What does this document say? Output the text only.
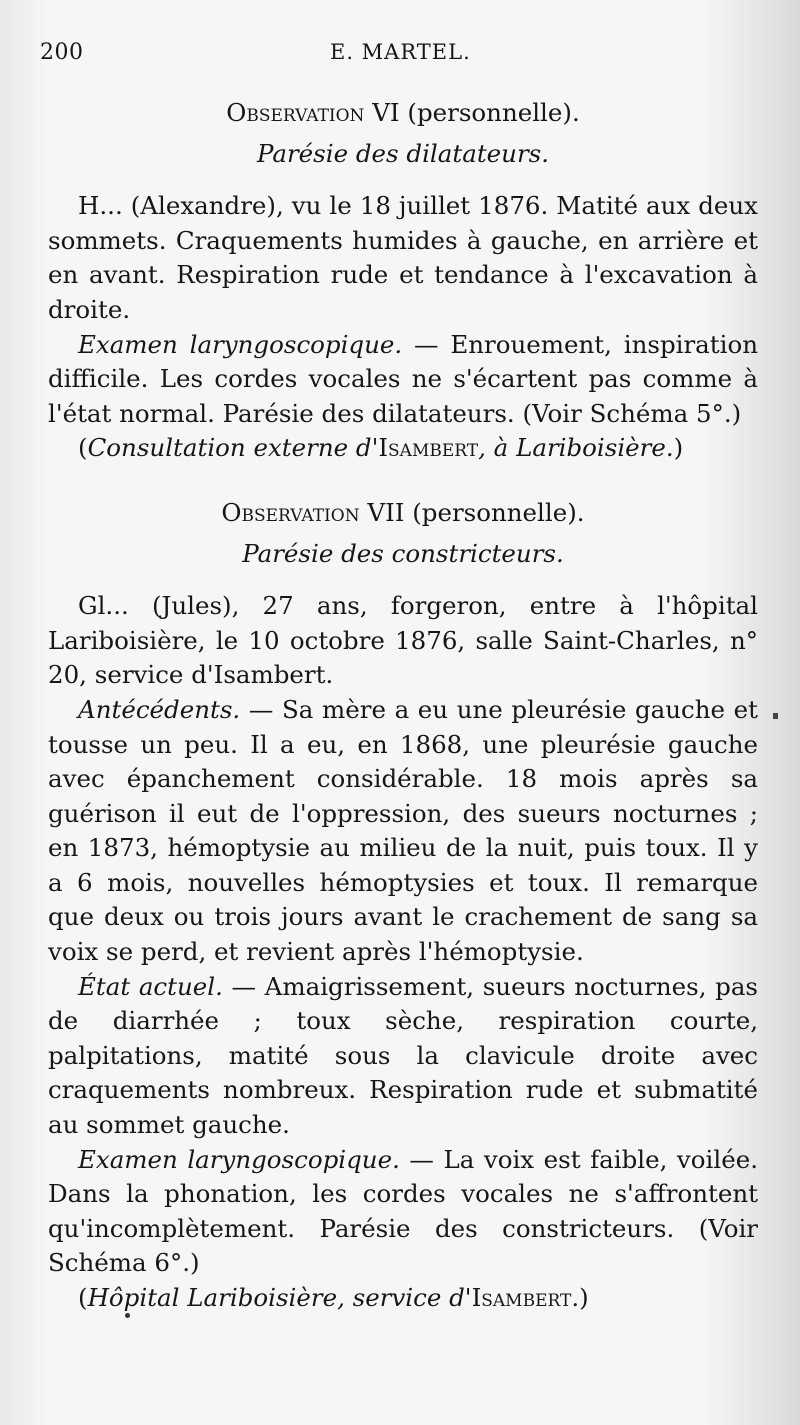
200	E. MARTEL.

Observation VI (personnelle).

Parésie des dilatateurs.

H... (Alexandre), vu le 18 juillet 1876. Matité aux deux sommets. Craquements humides à gauche, en arrière et en avant. Respiration rude et tendance à l'excavation à droite.

Examen laryngoscopique. — Enrouement, inspiration difficile. Les cordes vocales ne s'écartent pas comme à l'état normal. Parésie des dilatateurs. (Voir Schéma 5°.)

(Consultation externe d'Isambert, à Lariboisière.)

Observation VII (personnelle).

Parésie des constricteurs.

Gl... (Jules), 27 ans, forgeron, entre à l'hôpital Lariboisière, le 10 octobre 1876, salle Saint-Charles, n° 20, service d'Isambert.

Antécédents. — Sa mère a eu une pleurésie gauche et tousse un peu. Il a eu, en 1868, une pleurésie gauche avec épanchement considérable. 18 mois après sa guérison il eut de l'oppression, des sueurs nocturnes ; en 1873, hémoptysie au milieu de la nuit, puis toux. Il y a 6 mois, nouvelles hémoptysies et toux. Il remarque que deux ou trois jours avant le crachement de sang sa voix se perd, et revient après l'hémoptysie.

État actuel. — Amaigrissement, sueurs nocturnes, pas de diarrhée ; toux sèche, respiration courte, palpitations, matité sous la clavicule droite avec craquements nombreux. Respiration rude et submatité au sommet gauche.

Examen laryngoscopique. — La voix est faible, voilée. Dans la phonation, les cordes vocales ne s'affrontent qu'incomplètement. Parésie des constricteurs. (Voir Schéma 6°.)

(Hôpital Lariboisière, service d'Isambert.)
